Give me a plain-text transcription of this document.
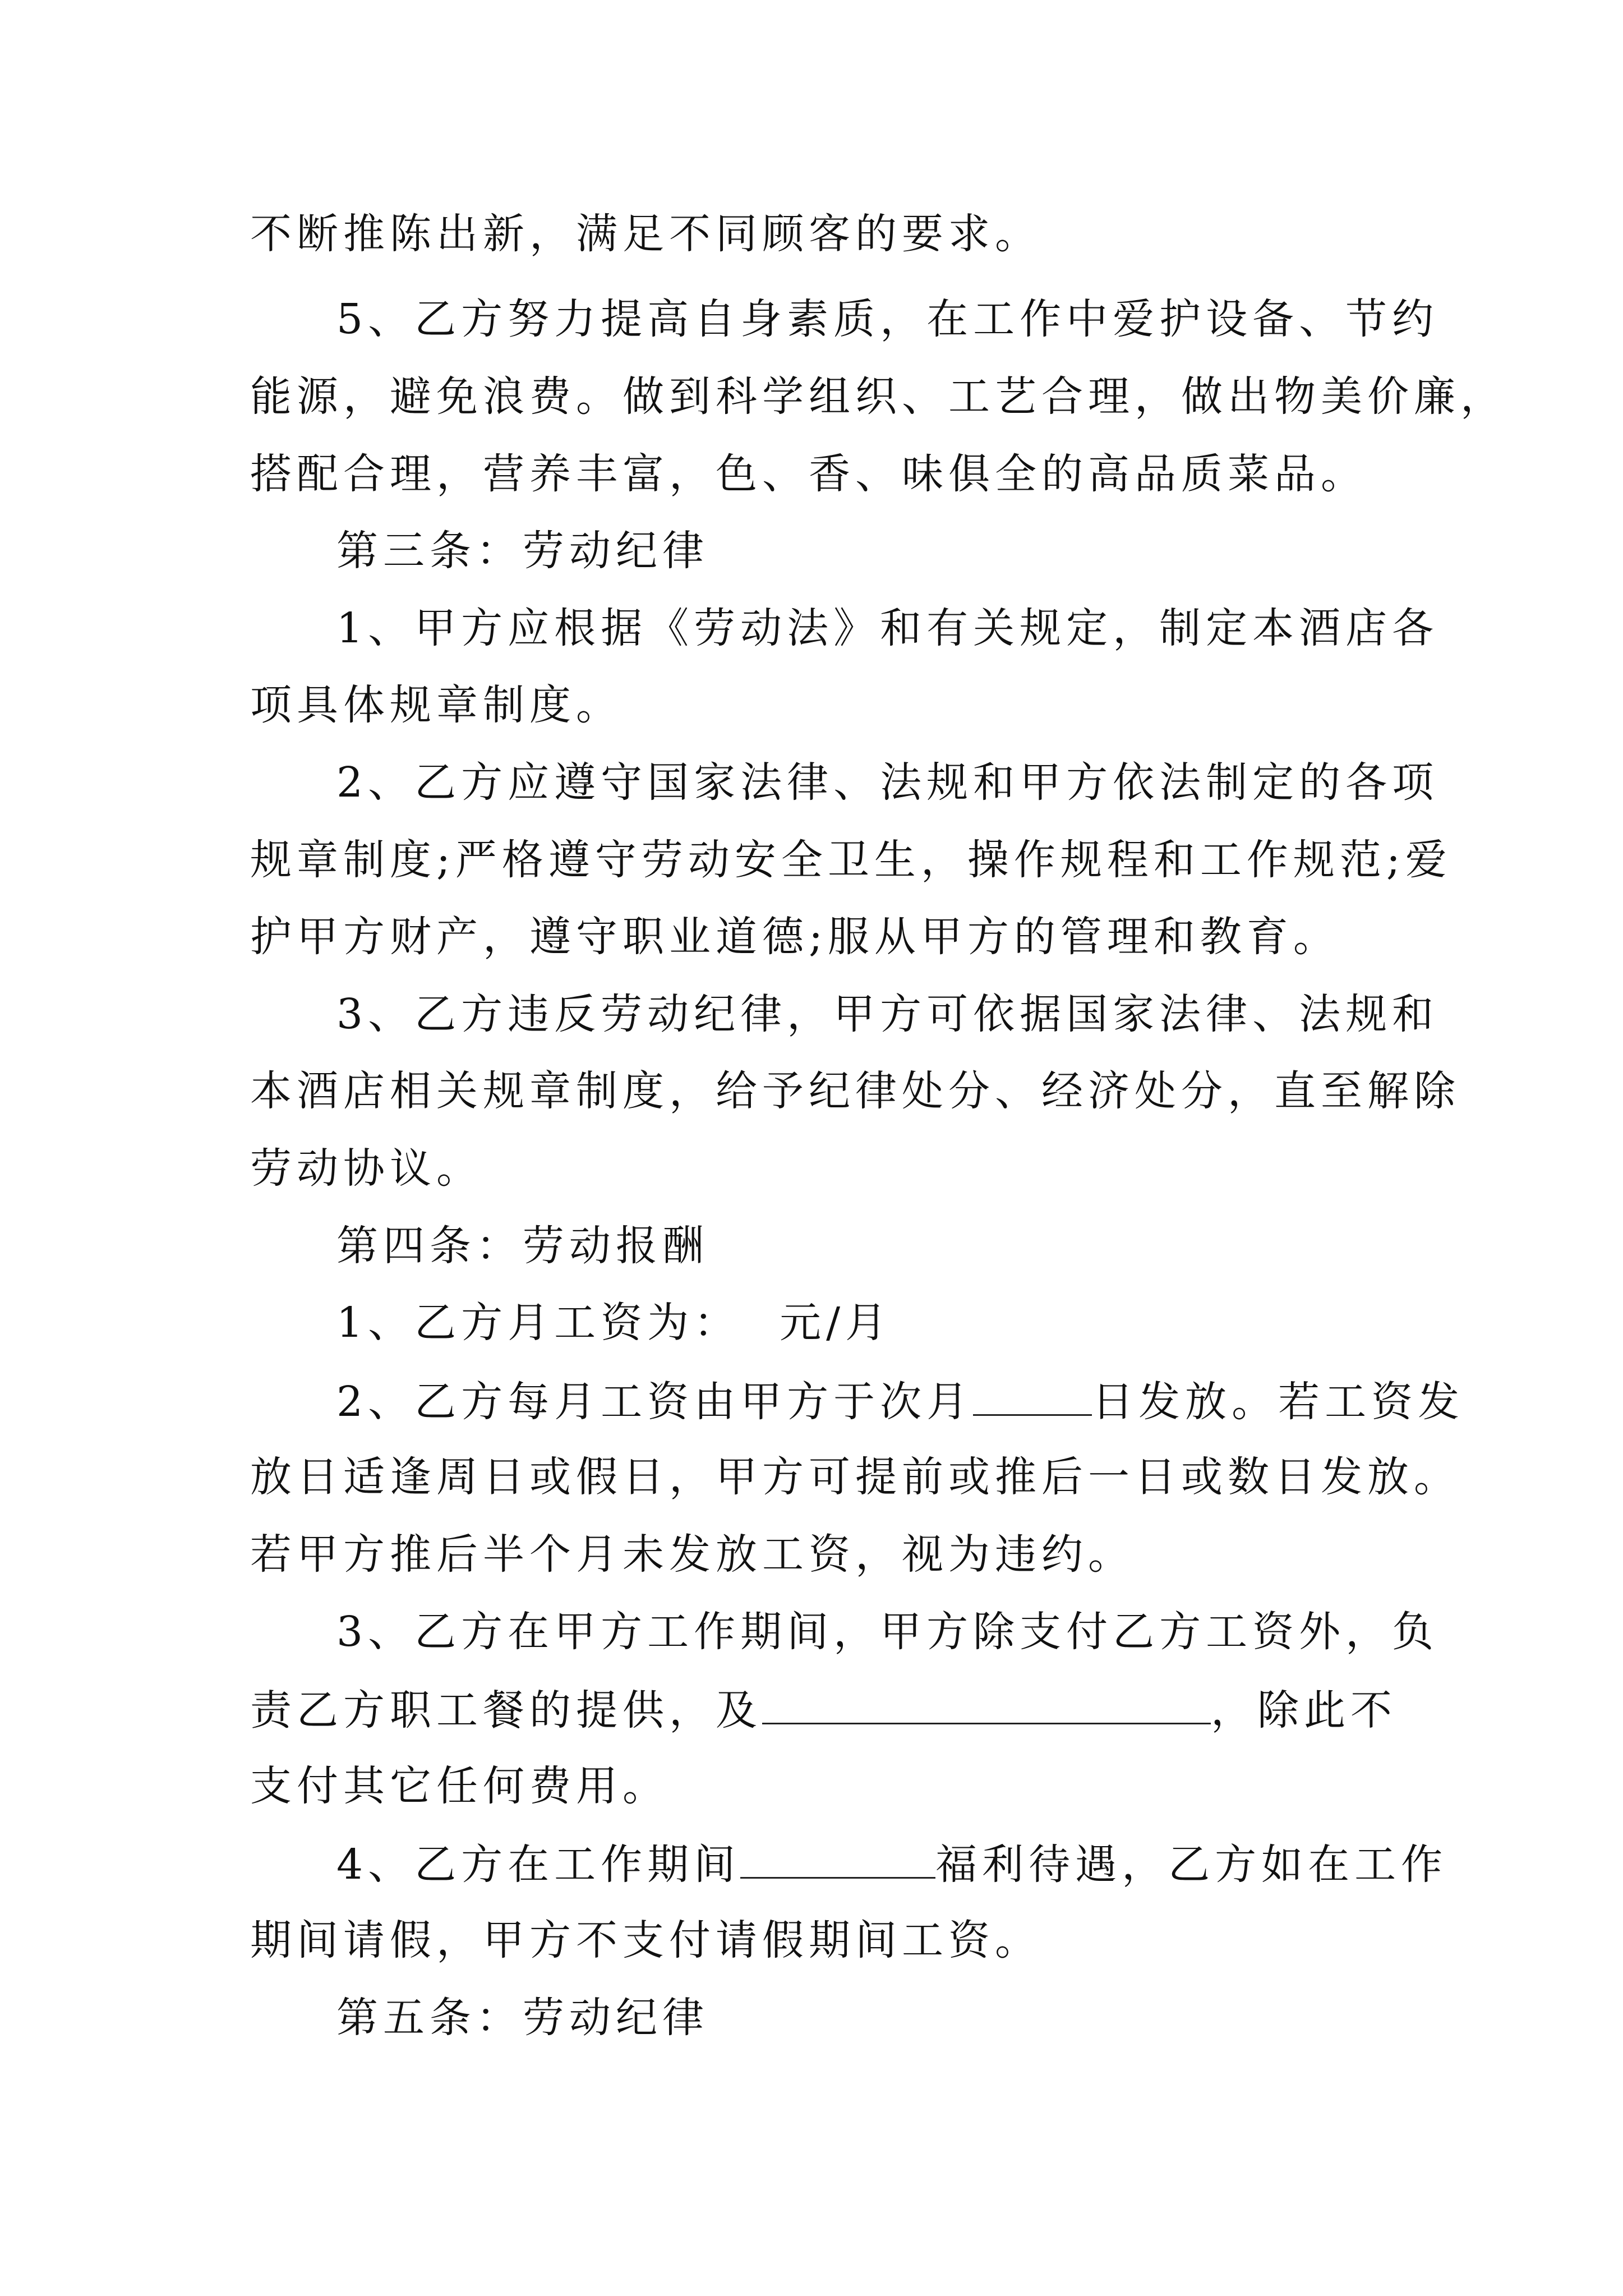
不断推陈出新，满足不同顾客的要求。
5、乙方努力提高自身素质，在工作中爱护设备、节约
能源，避免浪费。做到科学组织、工艺合理，做出物美价廉，
搭配合理，营养丰富，色、香、味俱全的高品质菜品。
第三条：劳动纪律
1、甲方应根据《劳动法》和有关规定，制定本酒店各
项具体规章制度。
2、乙方应遵守国家法律、法规和甲方依法制定的各项
规章制度;严格遵守劳动安全卫生，操作规程和工作规范;爱
护甲方财产，遵守职业道德;服从甲方的管理和教育。
3、乙方违反劳动纪律，甲方可依据国家法律、法规和
本酒店相关规章制度，给予纪律处分、经济处分，直至解除
劳动协议。
第四条：劳动报酬
1、乙方月工资为： 元/月
2、乙方每月工资由甲方于次月	日发放。若工资发
放日适逢周日或假日，甲方可提前或推后一日或数日发放。
若甲方推后半个月未发放工资，视为违约。
3、乙方在甲方工作期间，甲方除支付乙方工资外，负
责乙方职工餐的提供，及	，除此不
支付其它任何费用。
4、乙方在工作期间	福利待遇，乙方如在工作
期间请假，甲方不支付请假期间工资。
第五条：劳动纪律
